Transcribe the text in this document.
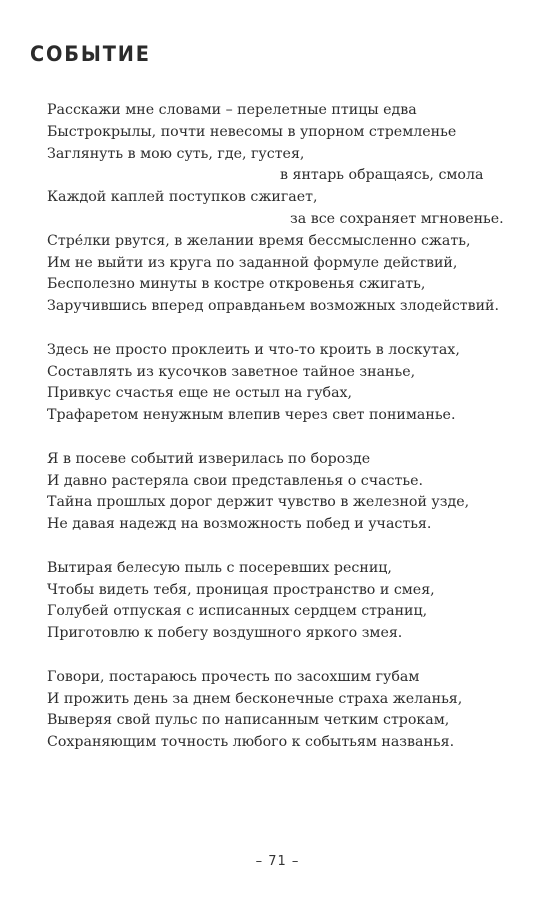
СОБЫТИЕ
Расскажи мне словами – перелетные птицы едва
Быстрокрылы, почти невесомы в упорном стремленье
Заглянуть в мою суть, где, густея,
в янтарь обращаясь, смола
Каждой каплей поступков сжигает,
за все сохраняет мгновенье.
Стре́лки рвутся, в желании время бессмысленно сжать,
Им не выйти из круга по заданной формуле действий,
Бесполезно минуты в костре откровенья сжигать,
Заручившись вперед оправданьем возможных злодействий.
Здесь не просто проклеить и что-то кроить в лоскутах,
Составлять из кусочков заветное тайное знанье,
Привкус счастья еще не остыл на губах,
Трафаретом ненужным влепив через свет пониманье.
Я в посеве событий изверилась по борозде
И давно растеряла свои представленья о счастье.
Тайна прошлых дорог держит чувство в железной узде,
Не давая надежд на возможность побед и участья.
Вытирая белесую пыль с посеревших ресниц,
Чтобы видеть тебя, проницая пространство и смея,
Голубей отпуская с исписанных сердцем страниц,
Приготовлю к побегу воздушного яркого змея.
Говори, постараюсь прочесть по засохшим губам
И прожить день за днем бесконечные страха желанья,
Выверяя свой пульс по написанным четким строкам,
Сохраняющим точность любого к событьям названья.
– 71 –
